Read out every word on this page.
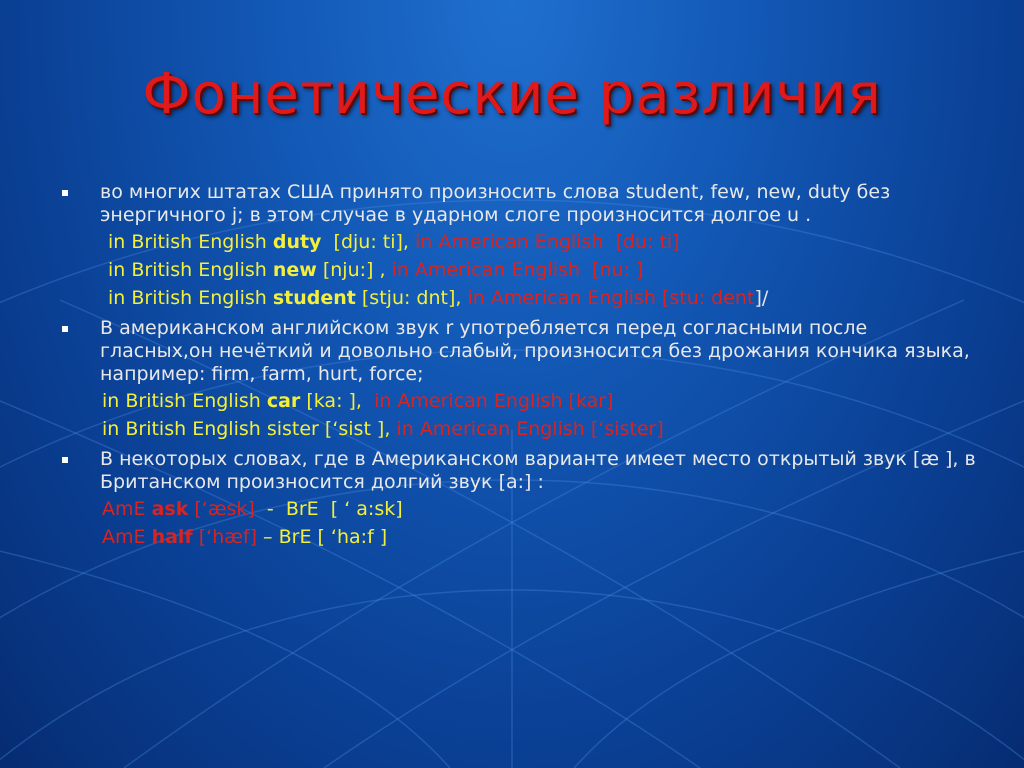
Фонетические различия
во многих штатах США принято произносить слова student, few, new, duty без энергичного j; в этом случае в ударном слоге произносится долгое u .
in British English duty  [dju: ti], in American English  [du: ti]
in British English new [nju:] , in American English  [nu: ]
in British English student [stju: dnt], in American English [stu: dent]/
В американском английском звук r употребляется перед согласными после гласных,он нечёткий и довольно слабый, произносится без дрожания кончика языка, например: firm, farm, hurt, force;
in British English car [ka: ],  in American English [kar]
in British English sister [‘sist ], in American English [‘sister]
В некоторых словах, где в Американском варианте имеет место открытый звук [æ ], в Британском произносится долгий звук [a:] :
AmE ask [‘æsk]  -  BrE  [ ‘ a:sk]
AmE half [‘hæf] – BrE [ ‘ha:f ]
